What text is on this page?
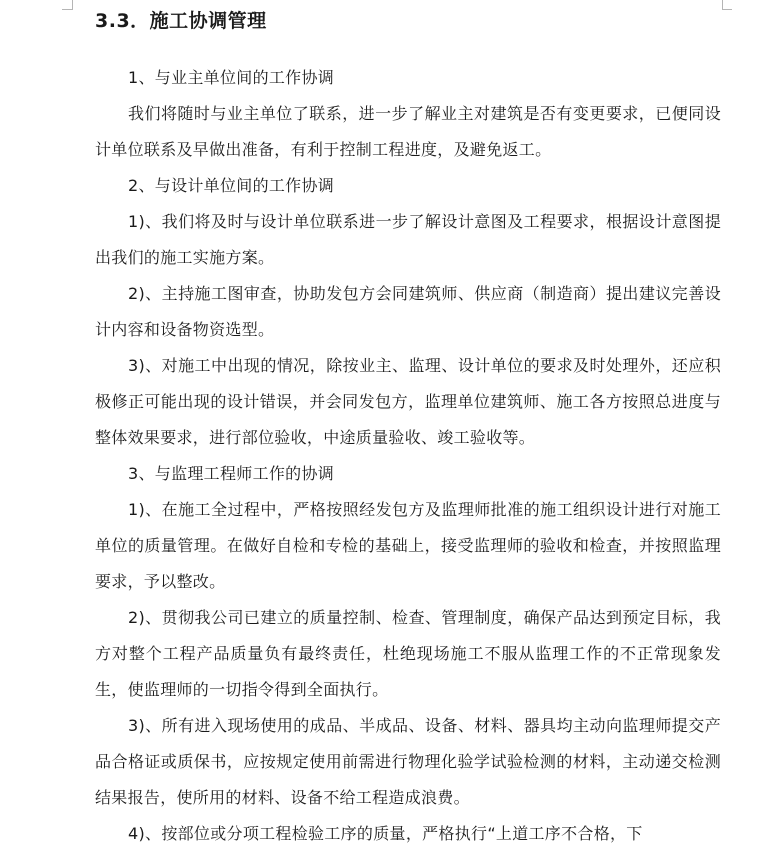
3.3．施工协调管理
1、与业主单位间的工作协调
我们将随时与业主单位了联系，进一步了解业主对建筑是否有变更要求，已便同设计单位联系及早做出准备，有利于控制工程进度，及避免返工。
2、与设计单位间的工作协调
1)、我们将及时与设计单位联系进一步了解设计意图及工程要求，根据设计意图提出我们的施工实施方案。
2)、主持施工图审查，协助发包方会同建筑师、供应商（制造商）提出建议完善设计内容和设备物资选型。
3)、对施工中出现的情况，除按业主、监理、设计单位的要求及时处理外，还应积极修正可能出现的设计错误，并会同发包方，监理单位建筑师、施工各方按照总进度与整体效果要求，进行部位验收，中途质量验收、竣工验收等。
3、与监理工程师工作的协调
1)、在施工全过程中，严格按照经发包方及监理师批准的施工组织设计进行对施工单位的质量管理。在做好自检和专检的基础上，接受监理师的验收和检查，并按照监理要求，予以整改。
2)、贯彻我公司已建立的质量控制、检查、管理制度，确保产品达到预定目标，我方对整个工程产品质量负有最终责任，杜绝现场施工不服从监理工作的不正常现象发生，使监理师的一切指令得到全面执行。
3)、所有进入现场使用的成品、半成品、设备、材料、器具均主动向监理师提交产品合格证或质保书，应按规定使用前需进行物理化验学试验检测的材料，主动递交检测结果报告，使所用的材料、设备不给工程造成浪费。
4)、按部位或分项工程检验工序的质量，严格执行“上道工序不合格，下
